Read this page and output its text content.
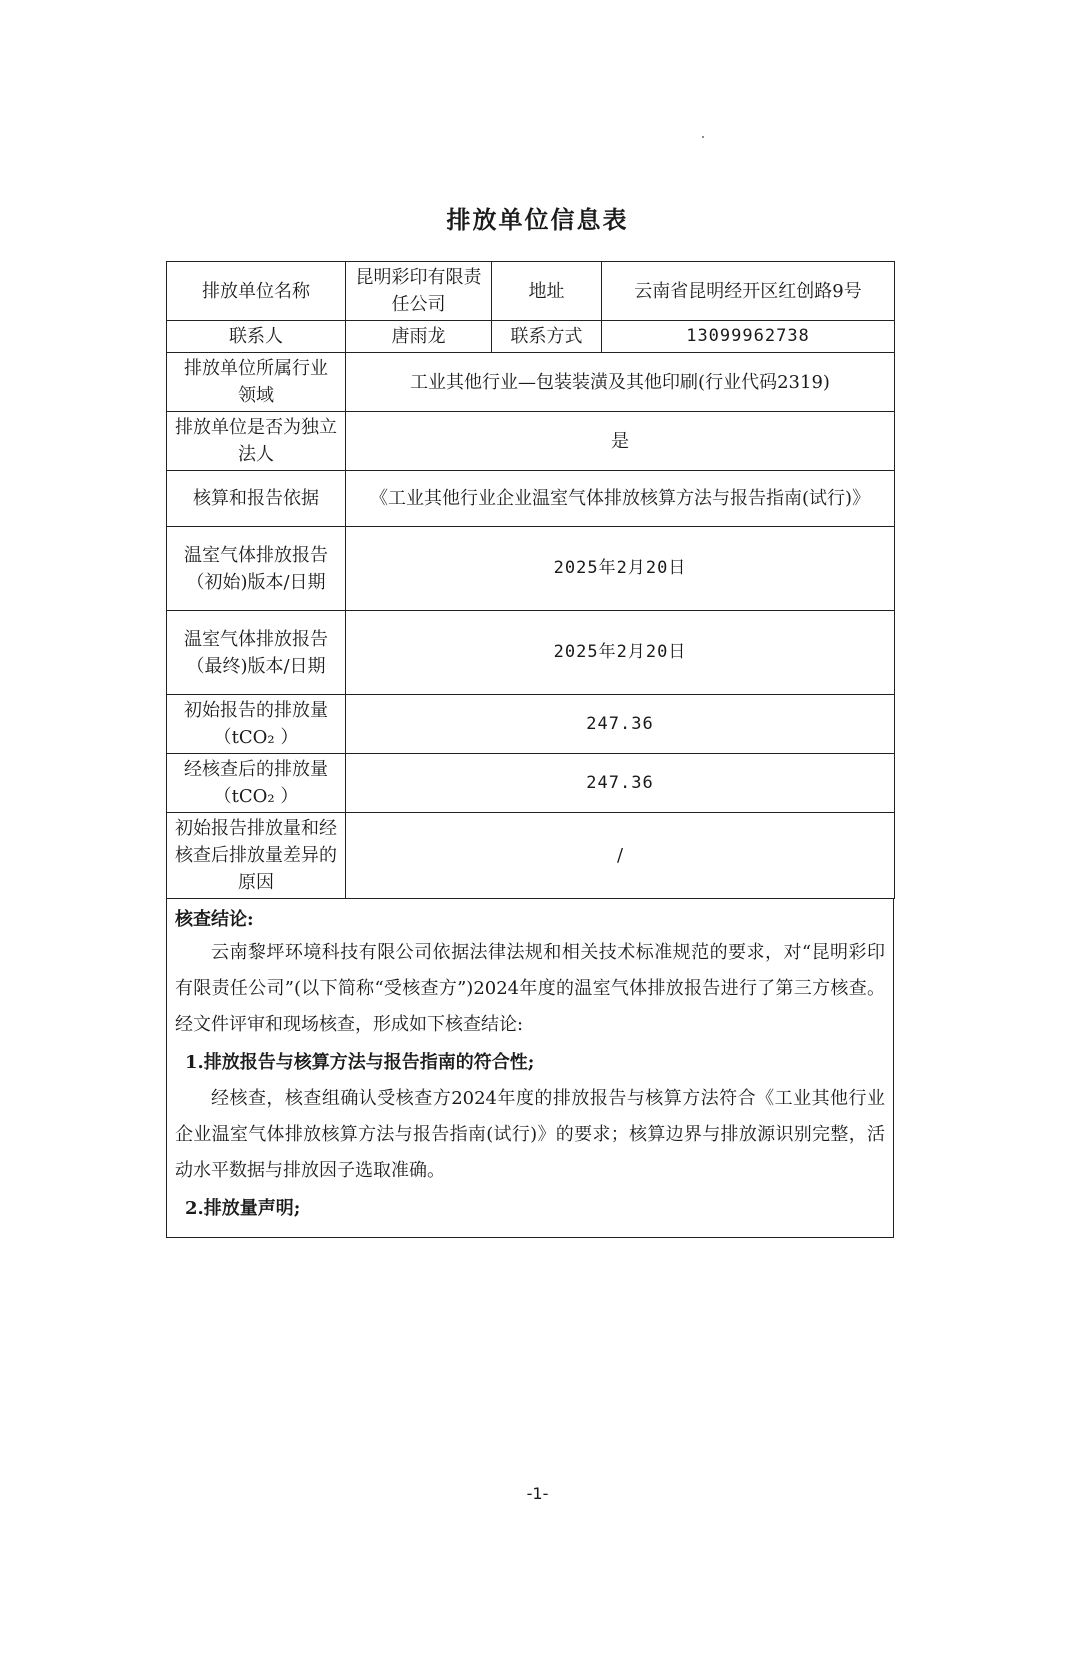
排放单位信息表
排放单位名称	昆明彩印有限责任公司	地址	云南省昆明经开区红创路9号
联系人	唐雨龙	联系方式	13099962738
排放单位所属行业 领域	工业其他行业—包装装潢及其他印刷(行业代码2319)		
排放单位是否为独立法人	是		
核算和报告依据	《工业其他行业企业温室气体排放核算方法与报告指南(试行)》		
温室气体排放报告（初始)版本/日期	2025年2月20日		
温室气体排放报告（最终)版本/日期	2025年2月20日		
初始报告的排放量（tCO₂ ）	247.36		
经核查后的排放量（tCO₂ ）	247.36		
初始报告排放量和经核查后排放量差异的原因	/		
核查结论:

云南黎坪环境科技有限公司依据法律法规和相关技术标准规范的要求，对“昆明彩印有限责任公司”(以下简称“受核查方”)2024年度的温室气体排放报告进行了第三方核查。经文件评审和现场核查，形成如下核查结论:

1.排放报告与核算方法与报告指南的符合性;

经核查，核查组确认受核查方2024年度的排放报告与核算方法符合《工业其他行业企业温室气体排放核算方法与报告指南(试行)》的要求；核算边界与排放源识别完整，活动水平数据与排放因子选取准确。

2.排放量声明;

-1-
